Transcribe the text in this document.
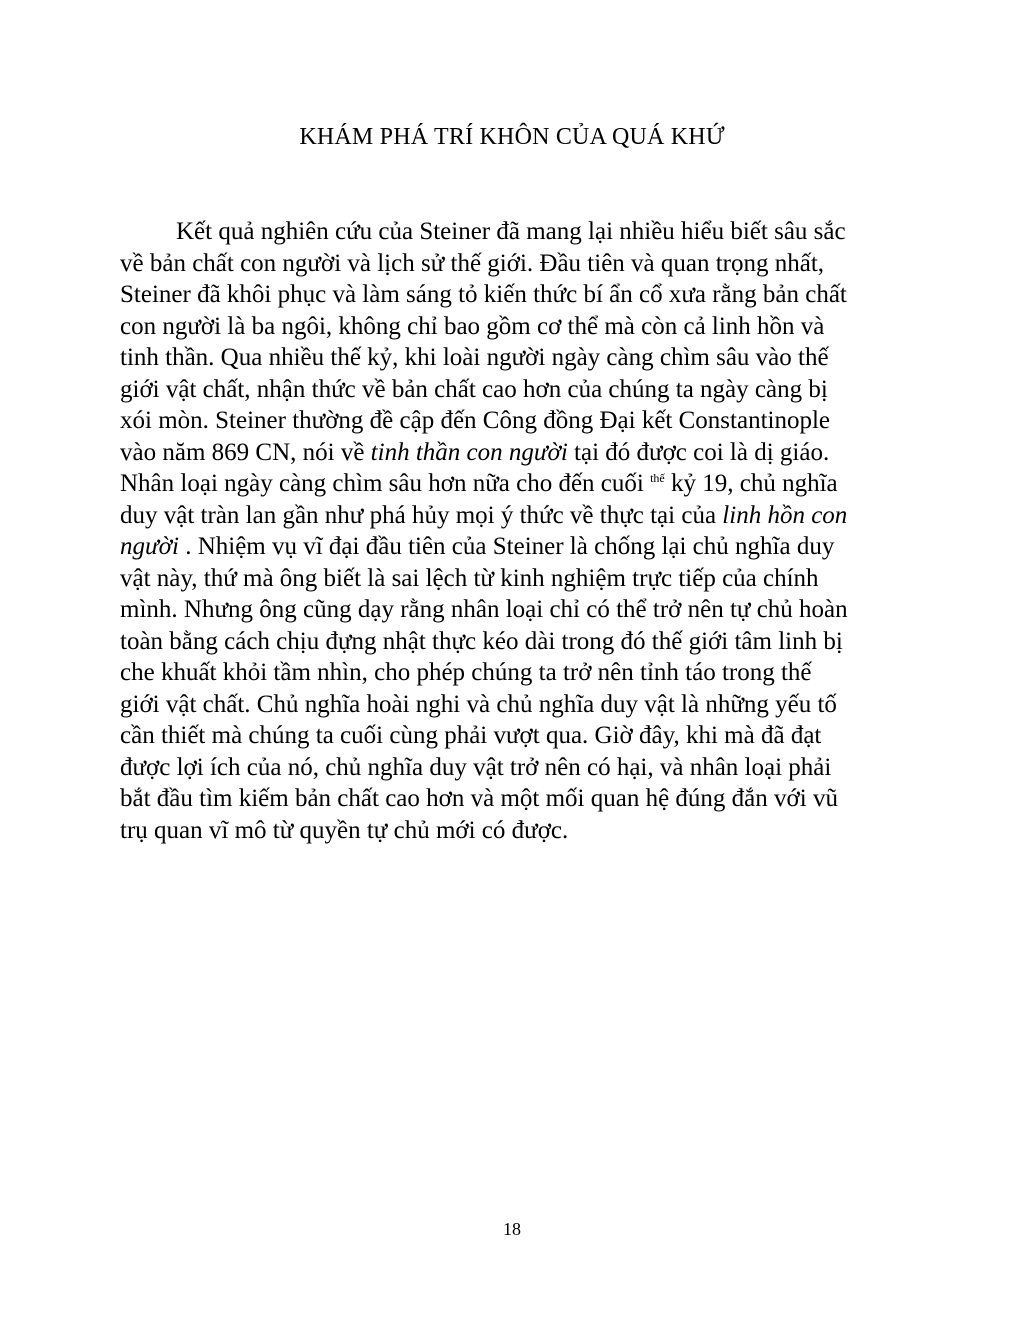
KHÁM PHÁ TRÍ KHÔN CỦA QUÁ KHỨ

Kết quả nghiên cứu của Steiner đã mang lại nhiều hiểu biết sâu sắc
về bản chất con người và lịch sử thế giới. Đầu tiên và quan trọng nhất,
Steiner đã khôi phục và làm sáng tỏ kiến thức bí ẩn cổ xưa rằng bản chất
con người là ba ngôi, không chỉ bao gồm cơ thể mà còn cả linh hồn và
tinh thần. Qua nhiều thế kỷ, khi loài người ngày càng chìm sâu vào thế
giới vật chất, nhận thức về bản chất cao hơn của chúng ta ngày càng bị
xói mòn. Steiner thường đề cập đến Công đồng Đại kết Constantinople
vào năm 869 CN, nói về tinh thần con người tại đó được coi là dị giáo.
Nhân loại ngày càng chìm sâu hơn nữa cho đến cuối $^{thế}$ kỷ 19, chủ nghĩa
duy vật tràn lan gần như phá hủy mọi ý thức về thực tại của linh hồn con
người . Nhiệm vụ vĩ đại đầu tiên của Steiner là chống lại chủ nghĩa duy
vật này, thứ mà ông biết là sai lệch từ kinh nghiệm trực tiếp của chính
mình. Nhưng ông cũng dạy rằng nhân loại chỉ có thể trở nên tự chủ hoàn
toàn bằng cách chịu đựng nhật thực kéo dài trong đó thế giới tâm linh bị
che khuất khỏi tầm nhìn, cho phép chúng ta trở nên tỉnh táo trong thế
giới vật chất. Chủ nghĩa hoài nghi và chủ nghĩa duy vật là những yếu tố
cần thiết mà chúng ta cuối cùng phải vượt qua. Giờ đây, khi mà đã đạt
được lợi ích của nó, chủ nghĩa duy vật trở nên có hại, và nhân loại phải
bắt đầu tìm kiếm bản chất cao hơn và một mối quan hệ đúng đắn với vũ
trụ quan vĩ mô từ quyền tự chủ mới có được.

18
